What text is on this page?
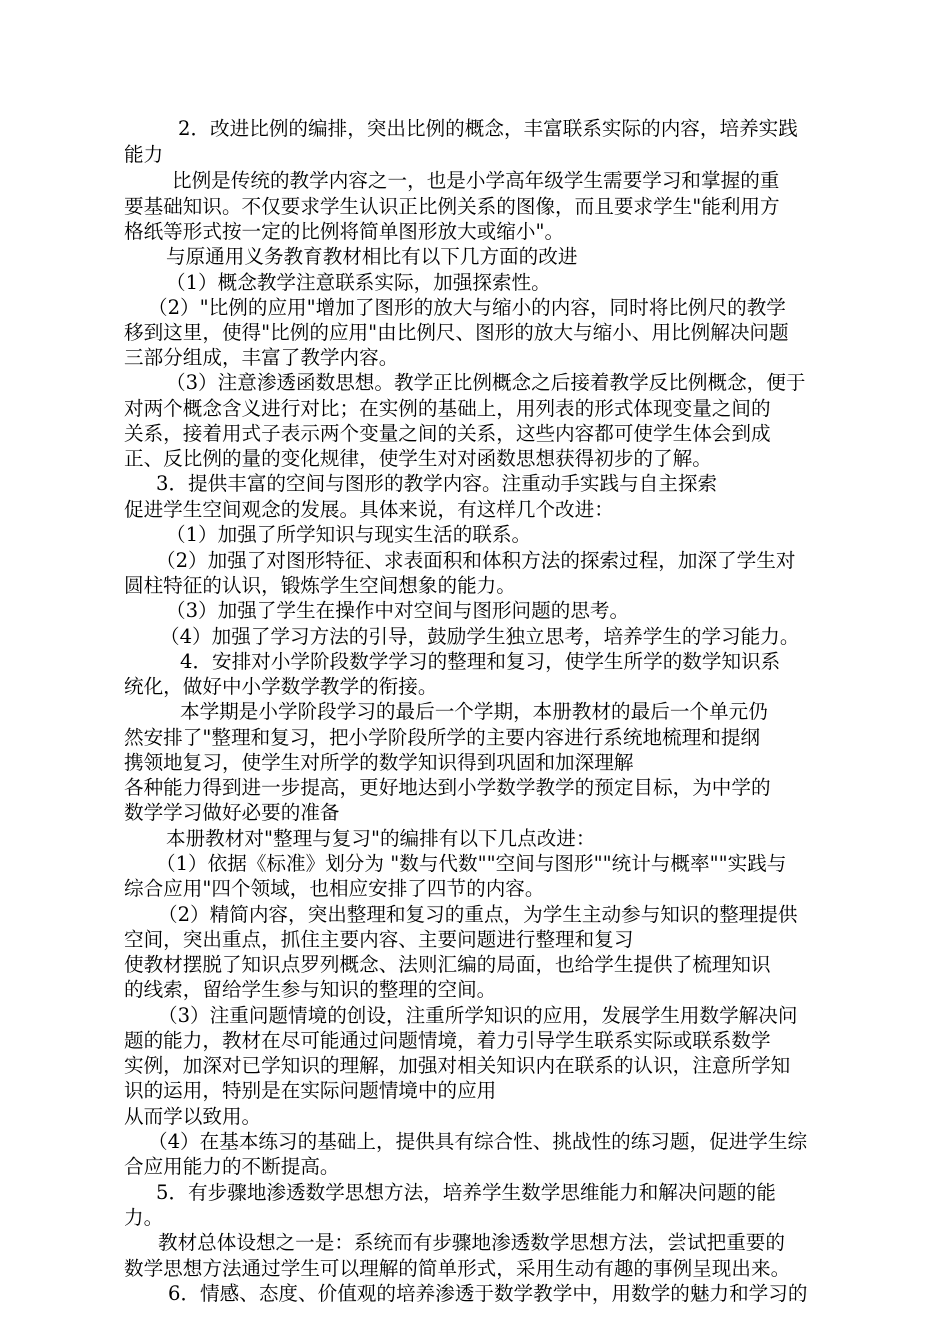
2．改进比例的编排，突出比例的概念，丰富联系实际的内容，培养实践
能力
比例是传统的教学内容之一，也是小学高年级学生需要学习和掌握的重
要基础知识。不仅要求学生认识正比例关系的图像，而且要求学生"能利用方
格纸等形式按一定的比例将简单图形放大或缩小"。
与原通用义务教育教材相比有以下几方面的改进
（1）概念教学注意联系实际，加强探索性。
（2）"比例的应用"增加了图形的放大与缩小的内容，同时将比例尺的教学
移到这里，使得"比例的应用"由比例尺、图形的放大与缩小、用比例解决问题
三部分组成，丰富了教学内容。
（3）注意渗透函数思想。教学正比例概念之后接着教学反比例概念，便于
对两个概念含义进行对比；在实例的基础上，用列表的形式体现变量之间的
关系，接着用式子表示两个变量之间的关系，这些内容都可使学生体会到成
正、反比例的量的变化规律，使学生对对函数思想获得初步的了解。
3．提供丰富的空间与图形的教学内容。注重动手实践与自主探索
促进学生空间观念的发展。具体来说，有这样几个改进：
（1）加强了所学知识与现实生活的联系。
（2）加强了对图形特征、求表面积和体积方法的探索过程，加深了学生对
圆柱特征的认识，锻炼学生空间想象的能力。
（3）加强了学生在操作中对空间与图形问题的思考。
（4）加强了学习方法的引导，鼓励学生独立思考，培养学生的学习能力。
4．安排对小学阶段数学学习的整理和复习，使学生所学的数学知识系
统化，做好中小学数学教学的衔接。
本学期是小学阶段学习的最后一个学期，本册教材的最后一个单元仍
然安排了"整理和复习，把小学阶段所学的主要内容进行系统地梳理和提纲
携领地复习，使学生对所学的数学知识得到巩固和加深理解
各种能力得到进一步提高，更好地达到小学数学教学的预定目标，为中学的
数学学习做好必要的准备
本册教材对"整理与复习"的编排有以下几点改进：
（1）依据《标准》划分为 "数与代数""空间与图形""统计与概率""实践与
综合应用"四个领域，也相应安排了四节的内容。
（2）精简内容，突出整理和复习的重点，为学生主动参与知识的整理提供
空间，突出重点，抓住主要内容、主要问题进行整理和复习
使教材摆脱了知识点罗列概念、法则汇编的局面，也给学生提供了梳理知识
的线索，留给学生参与知识的整理的空间。
（3）注重问题情境的创设，注重所学知识的应用，发展学生用数学解决问
题的能力，教材在尽可能通过问题情境，着力引导学生联系实际或联系数学
实例，加深对已学知识的理解，加强对相关知识内在联系的认识，注意所学知
识的运用，特别是在实际问题情境中的应用
从而学以致用。
（4）在基本练习的基础上，提供具有综合性、挑战性的练习题，促进学生综
合应用能力的不断提高。
5．有步骤地渗透数学思想方法，培养学生数学思维能力和解决问题的能
力。
教材总体设想之一是：系统而有步骤地渗透数学思想方法，尝试把重要的
数学思想方法通过学生可以理解的简单形式，采用生动有趣的事例呈现出来。
6．情感、态度、价值观的培养渗透于数学教学中，用数学的魅力和学习的
